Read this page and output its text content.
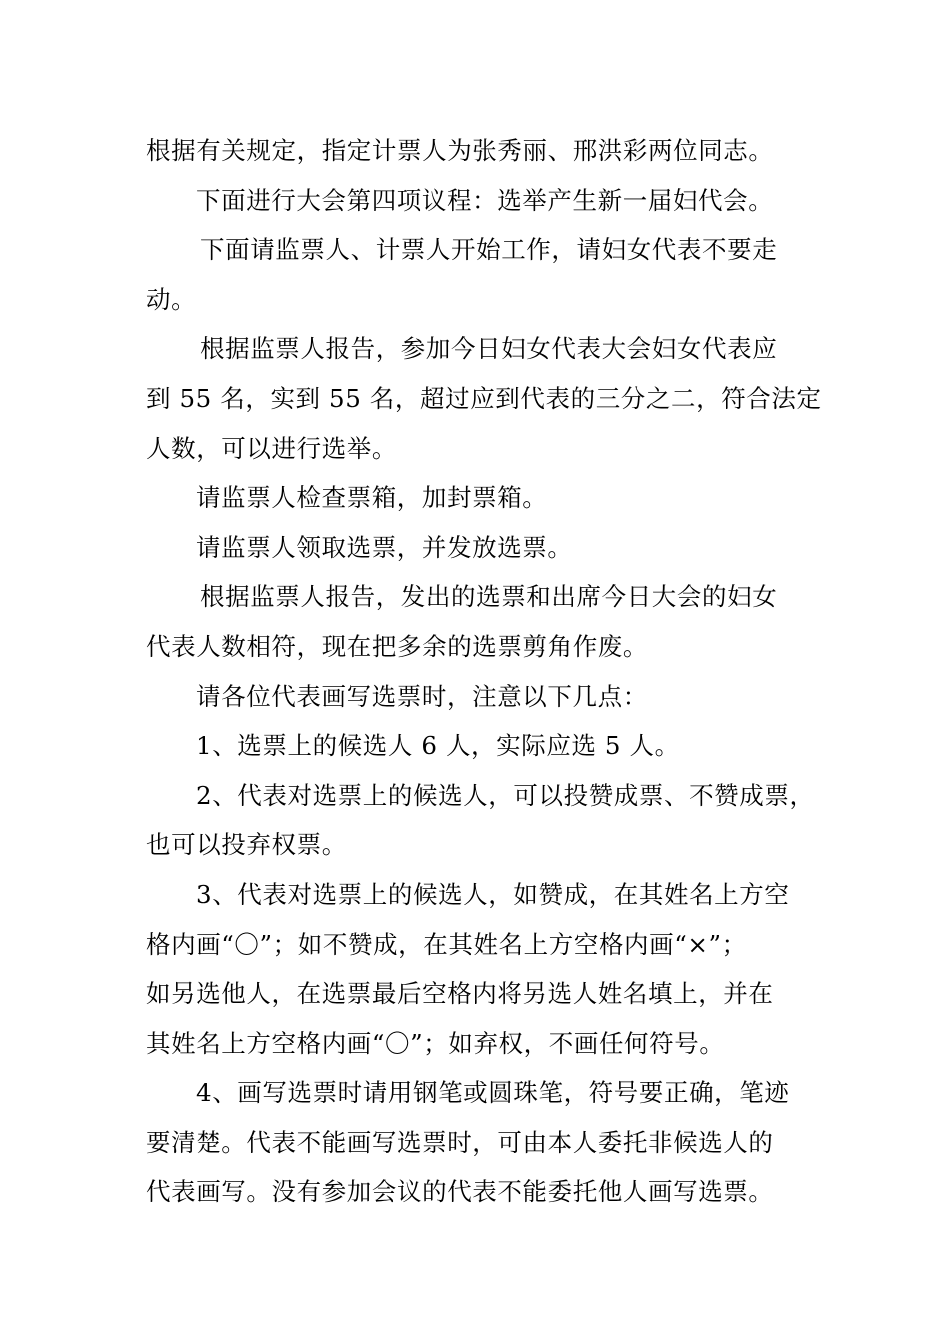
根据有关规定，指定计票人为张秀丽、邢洪彩两位同志。
下面进行大会第四项议程：选举产生新一届妇代会。
下面请监票人、计票人开始工作，请妇女代表不要走
动。
根据监票人报告，参加今日妇女代表大会妇女代表应
到 55 名，实到 55 名，超过应到代表的三分之二，符合法定
人数，可以进行选举。
请监票人检查票箱，加封票箱。
请监票人领取选票，并发放选票。
根据监票人报告，发出的选票和出席今日大会的妇女
代表人数相符，现在把多余的选票剪角作废。
请各位代表画写选票时，注意以下几点：
1、选票上的候选人 6 人，实际应选 5 人。
2、代表对选票上的候选人，可以投赞成票、不赞成票，
也可以投弃权票。
3、代表对选票上的候选人，如赞成，在其姓名上方空
格内画“〇”；如不赞成，在其姓名上方空格内画“×”；
如另选他人，在选票最后空格内将另选人姓名填上，并在
其姓名上方空格内画“〇”；如弃权，不画任何符号。
4、画写选票时请用钢笔或圆珠笔，符号要正确，笔迹
要清楚。代表不能画写选票时，可由本人委托非候选人的
代表画写。没有参加会议的代表不能委托他人画写选票。
